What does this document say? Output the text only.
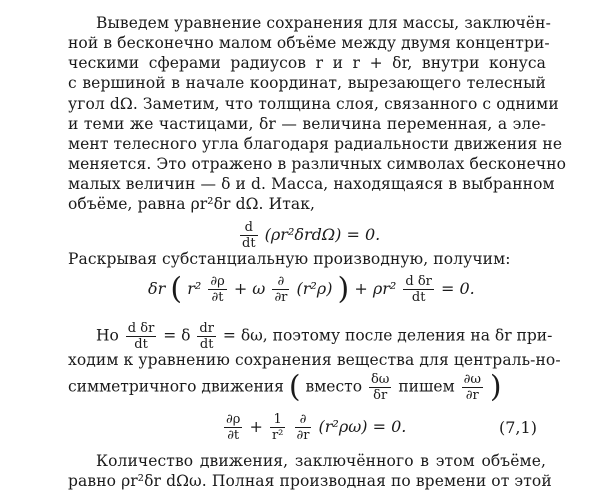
Выведем уравнение сохранения для массы, заключён-
ной в бесконечно малом объёме между двумя концентри-
ческими сферами радиусов r и r + δr, внутри конуса
с вершиной в начале координат, вырезающего телесный
угол dΩ. Заметим, что толщина слоя, связанного с одними
и теми же частицами, δr — величина переменная, а эле-
мент телесного угла благодаря радиальности движения не
меняется. Это отражено в различных символах бесконечно
малых величин — δ и d. Масса, находящаяся в выбранном
объёме, равна ρr²δr dΩ. Итак,
$\frac{d}{dt} (\rho r^2\delta rd\Omega) = 0$.
Раскрывая субстанциальную производную, получим:
δr ( $r^2 \frac{\partial\rho}{\partial t} + \omega \frac{\partial}{\partial r} (r^2\rho)$ ) + $\rho r^2 \frac{\text{d δr}}{dt} = 0$.
Но $\frac{\text{d δr}}{dt} = \delta \frac{dr}{dt} = \delta\omega$, поэтому после деления на δr при-
ходим к уравнению сохранения вещества для централь-но-
симметричного движения ( вместо $\frac{\delta\omega}{\delta r}$ пишем $\frac{\partial\omega}{\partial r}$ )
$\frac{\partial\rho}{\partial t} + \frac{1}{\text{r²}}$
$\frac{\partial}{\partial r} (r^2\rho\omega) = 0$.	(7,1)
Количество движения, заключённого в этом объёме,
равно ρr²δr dΩω. Полная производная по времени от этой
